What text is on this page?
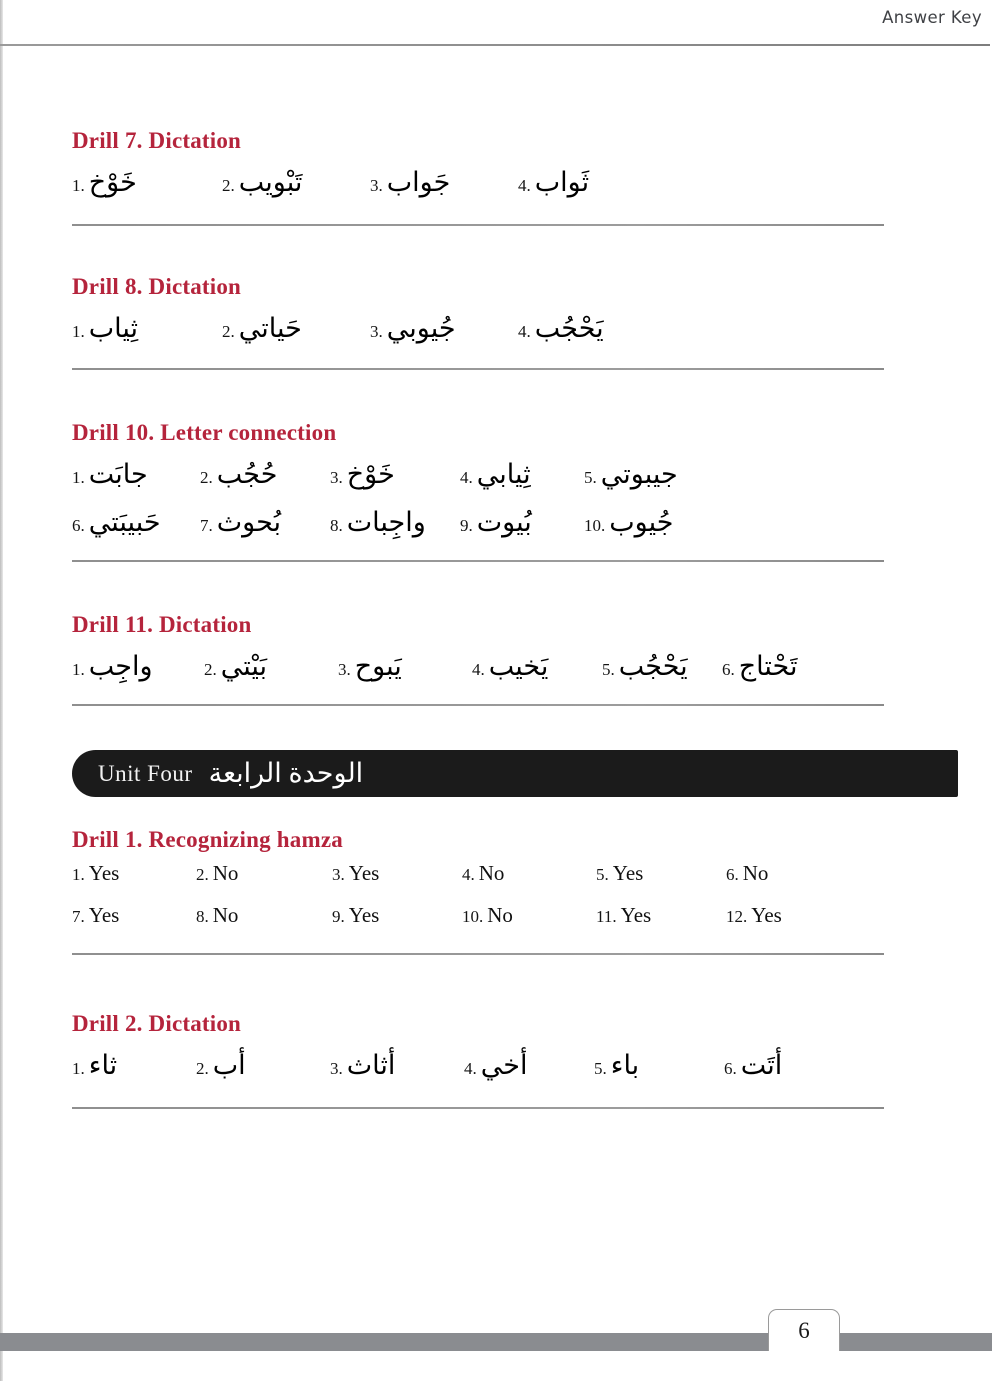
Answer Key
Drill 7. Dictation
1. خَوْخ	2. تَبْويب	3. جَواب	4. ثَواب
Drill 8. Dictation
1. ثِياب	2. حَياتي	3. جُيوبي	4. يَحْجُب
Drill 10. Letter connection
1. جابَت	2. حُجُب	3. خَوْخ	4. ثِيابي	5. جيبوتي
6. حَبيبَتي 7. بُحوث	8. واجِبات 9. بُيوت	10. جُيوب
Drill 11. Dictation
1. واجِب	2. بَيْتي	3. يَبوح	4. يَخيب	5. يَحْجُب 6. تَحْتاج
Unit Four الوحدة الرابعة
Drill 1. Recognizing hamza
1. Yes	2. No	3. Yes	4. No	5. Yes	6. No
7. Yes	8. No	9. Yes	10. No	11. Yes	12. Yes
Drill 2. Dictation
1. ثاء	2. أب	3. أثاث	4. أخي	5. باء	6. أتَت
6
